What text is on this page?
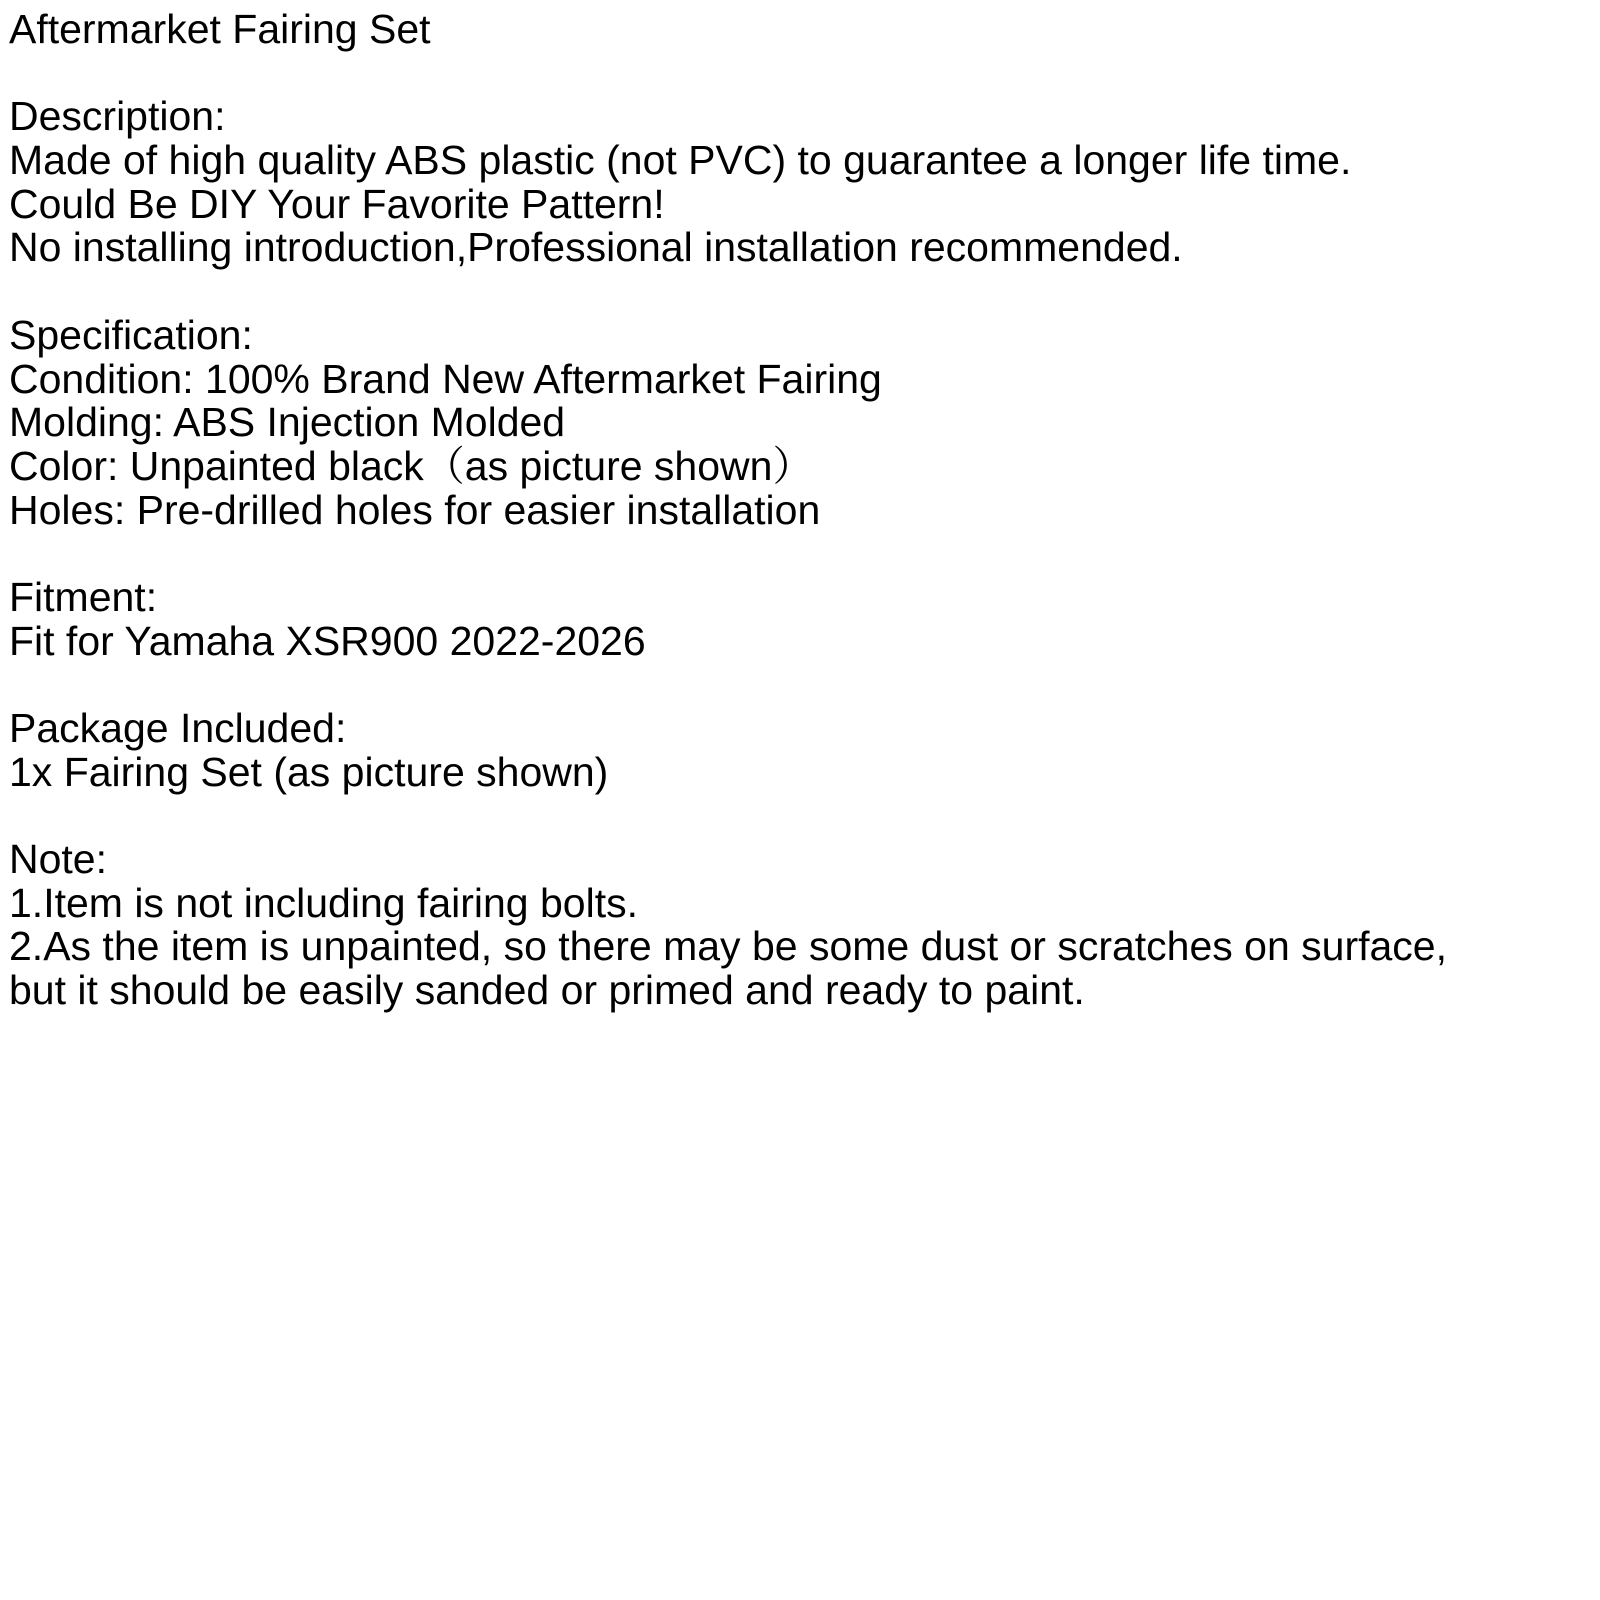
Aftermarket Fairing Set
Description:
Made of high quality ABS plastic (not PVC) to guarantee a longer life time.
Could Be DIY Your Favorite Pattern!
No installing introduction,Professional installation recommended.
Specification:
Condition: 100% Brand New Aftermarket Fairing
Molding: ABS Injection Molded
Color: Unpainted black（as picture shown）
Holes: Pre-drilled holes for easier installation
Fitment:
Fit for Yamaha XSR900 2022-2026
Package Included:
1x Fairing Set (as picture shown)
Note:
1.Item is not including fairing bolts.
2.As the item is unpainted, so there may be some dust or scratches on surface,
but it should be easily sanded or primed and ready to paint.
